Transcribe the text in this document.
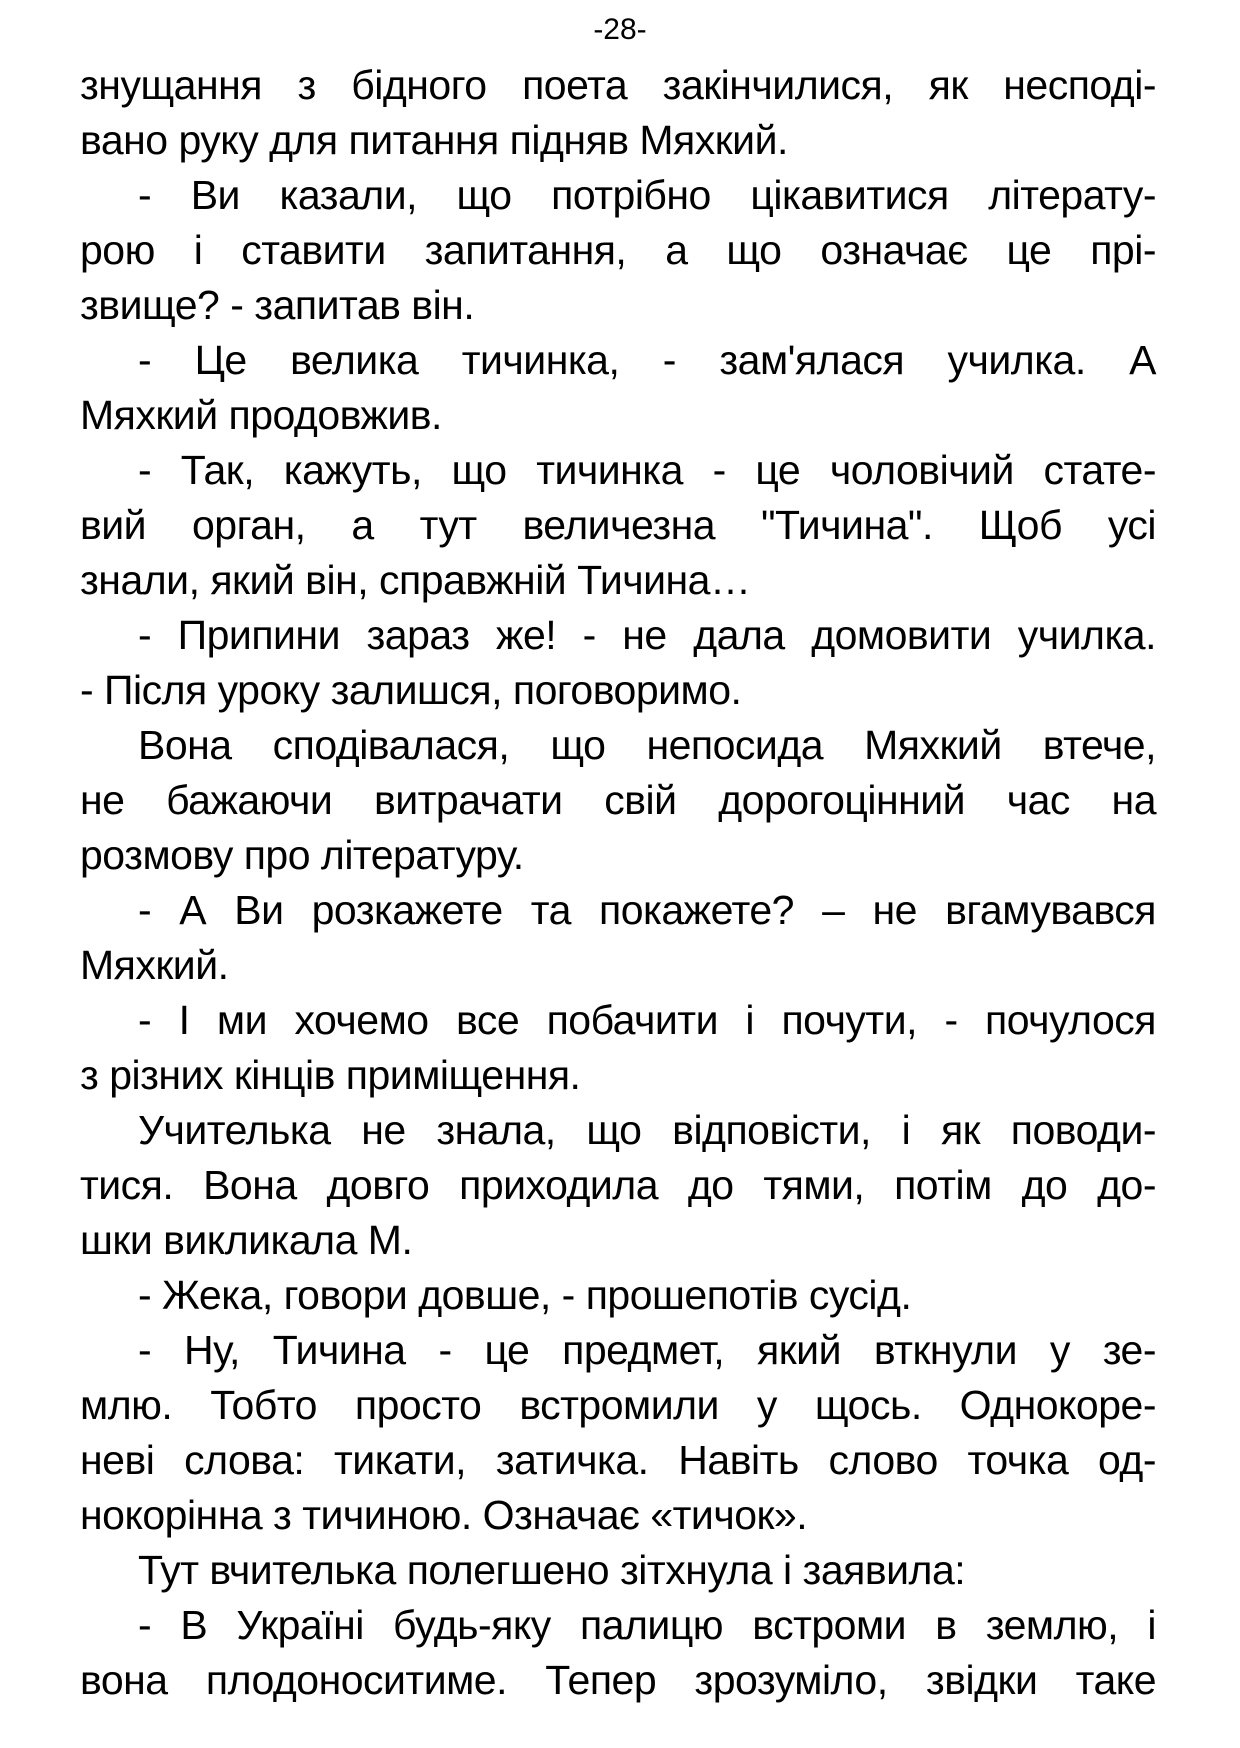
-28-
знущання з бідного поета закінчилися, як несподі-
вано руку для питання підняв Мяхкий.
- Ви казали, що потрібно цікавитися літерату-
рою і ставити запитання, а що означає це прі-
звище? - запитав він.
- Це велика тичинка, - зам'ялася училка. А
Мяхкий продовжив.
- Так, кажуть, що тичинка - це чоловічий стате-
вий орган, а тут величезна "Тичина". Щоб усі
знали, який він, справжній Тичина…
- Припини зараз же! - не дала домовити училка.
- Після уроку залишся, поговоримо.
Вона сподівалася, що непосида Мяхкий втече,
не бажаючи витрачати свій дорогоцінний час на
розмову про літературу.
- А Ви розкажете та покажете? – не вгамувався
Мяхкий.
- І ми хочемо все побачити і почути, - почулося
з різних кінців приміщення.
Учителька не знала, що відповісти, і як поводи-
тися. Вона довго приходила до тями, потім до до-
шки викликала М.
- Жека, говори довше, - прошепотів сусід.
- Ну, Тичина - це предмет, який вткнули у зе-
млю. Тобто просто встромили у щось. Однокоре-
неві слова: тикати, затичка. Навіть слово точка од-
нокорінна з тичиною. Означає «тичок».
Тут вчителька полегшено зітхнула і заявила:
- В Україні будь-яку палицю встроми в землю, і
вона плодоноситиме. Тепер зрозуміло, звідки таке
